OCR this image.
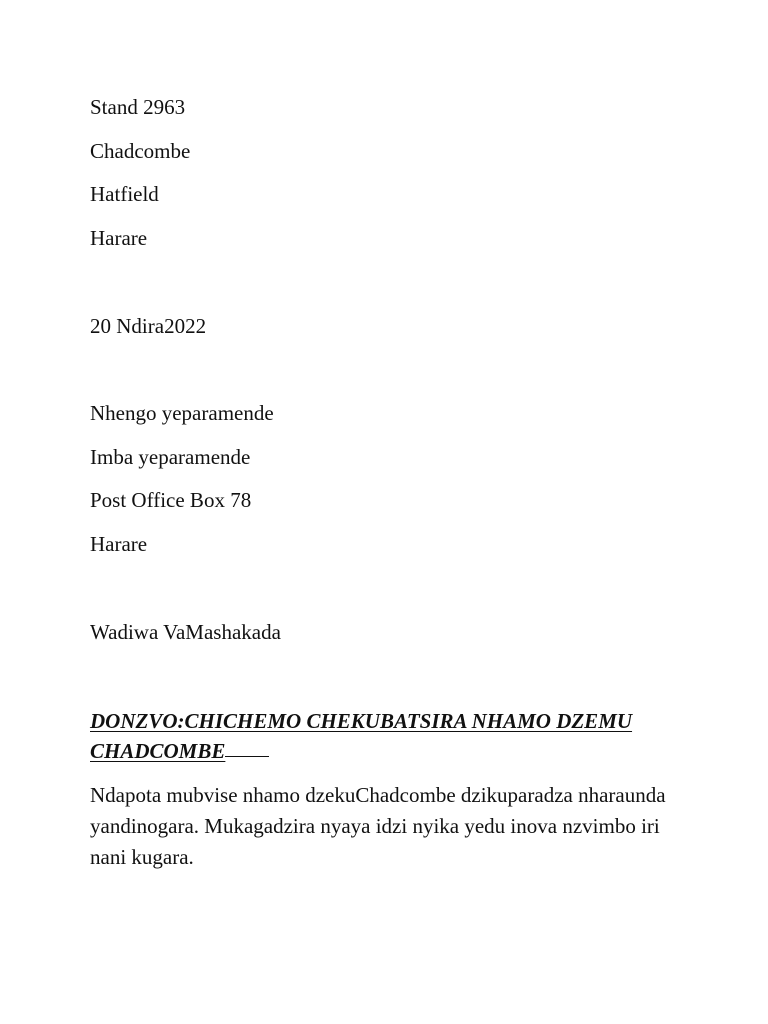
Stand 2963
Chadcombe
Hatfield
Harare
20 Ndira2022
Nhengo yeparamende
Imba yeparamende
Post Office Box 78
Harare
Wadiwa VaMashakada
DONZVO:CHICHEMO CHEKUBATSIRA NHAMO DZEMU CHADCOMBE
Ndapota mubvise nhamo dzekuChadcombe dzikuparadza nharaunda yandinogara. Mukagadzira nyaya idzi nyika yedu inova nzvimbo iri nani kugara.
